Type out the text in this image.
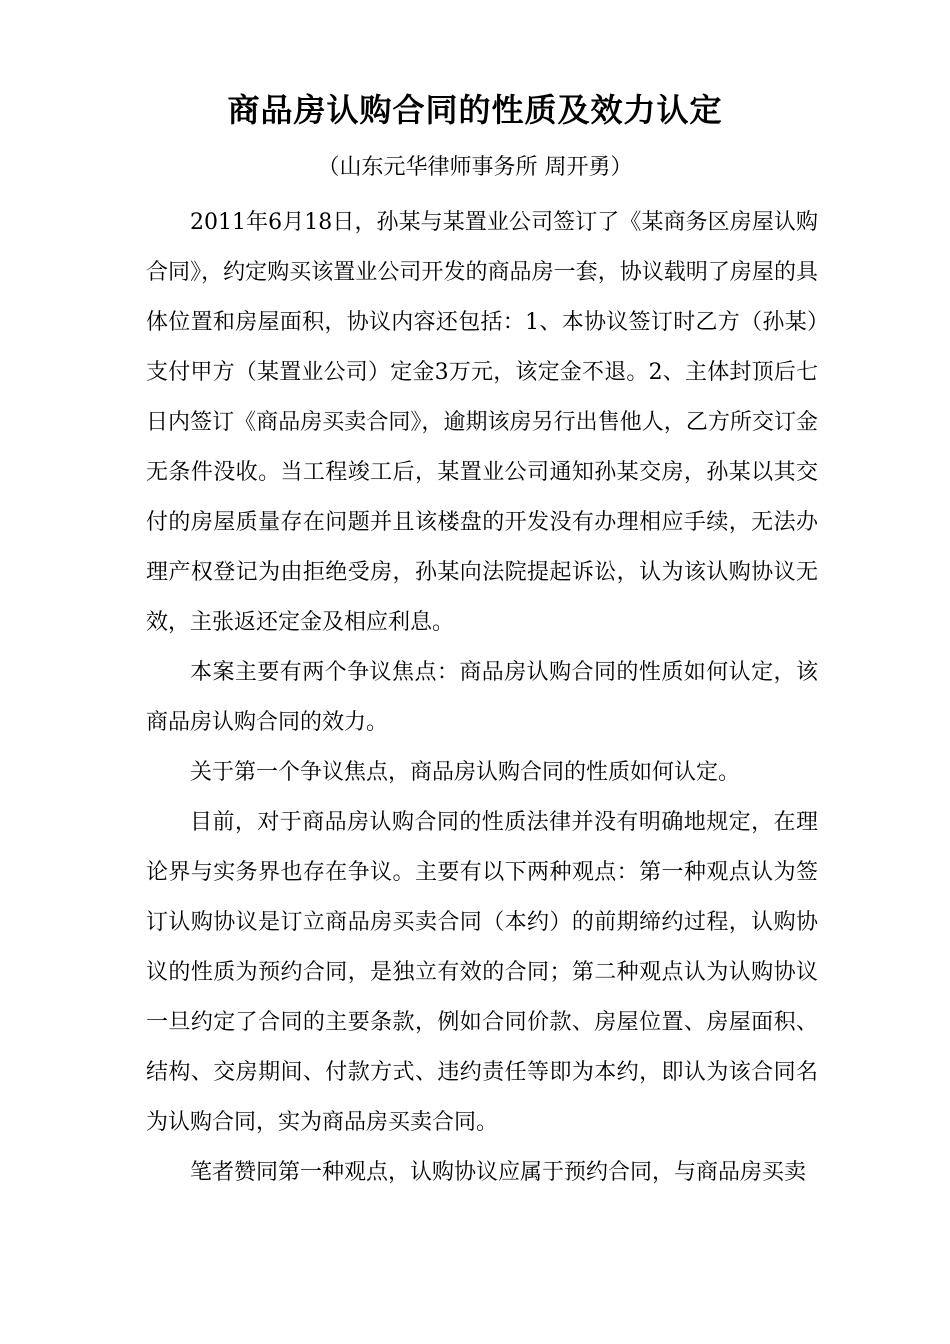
商品房认购合同的性质及效力认定

（山东元华律师事务所 周开勇）

2011年6月18日，孙某与某置业公司签订了《某商务区房屋认购合同》，约定购买该置业公司开发的商品房一套，协议载明了房屋的具体位置和房屋面积，协议内容还包括：1、本协议签订时乙方（孙某）支付甲方（某置业公司）定金3万元，该定金不退。2、主体封顶后七日内签订《商品房买卖合同》，逾期该房另行出售他人，乙方所交订金无条件没收。当工程竣工后，某置业公司通知孙某交房，孙某以其交付的房屋质量存在问题并且该楼盘的开发没有办理相应手续，无法办理产权登记为由拒绝受房，孙某向法院提起诉讼，认为该认购协议无效，主张返还定金及相应利息。

本案主要有两个争议焦点：商品房认购合同的性质如何认定，该商品房认购合同的效力。

关于第一个争议焦点，商品房认购合同的性质如何认定。

目前，对于商品房认购合同的性质法律并没有明确地规定，在理论界与实务界也存在争议。主要有以下两种观点：第一种观点认为签订认购协议是订立商品房买卖合同（本约）的前期缔约过程，认购协议的性质为预约合同，是独立有效的合同；第二种观点认为认购协议一旦约定了合同的主要条款，例如合同价款、房屋位置、房屋面积、结构、交房期间、付款方式、违约责任等即为本约，即认为该合同名为认购合同，实为商品房买卖合同。

笔者赞同第一种观点，认购协议应属于预约合同，与商品房买卖
